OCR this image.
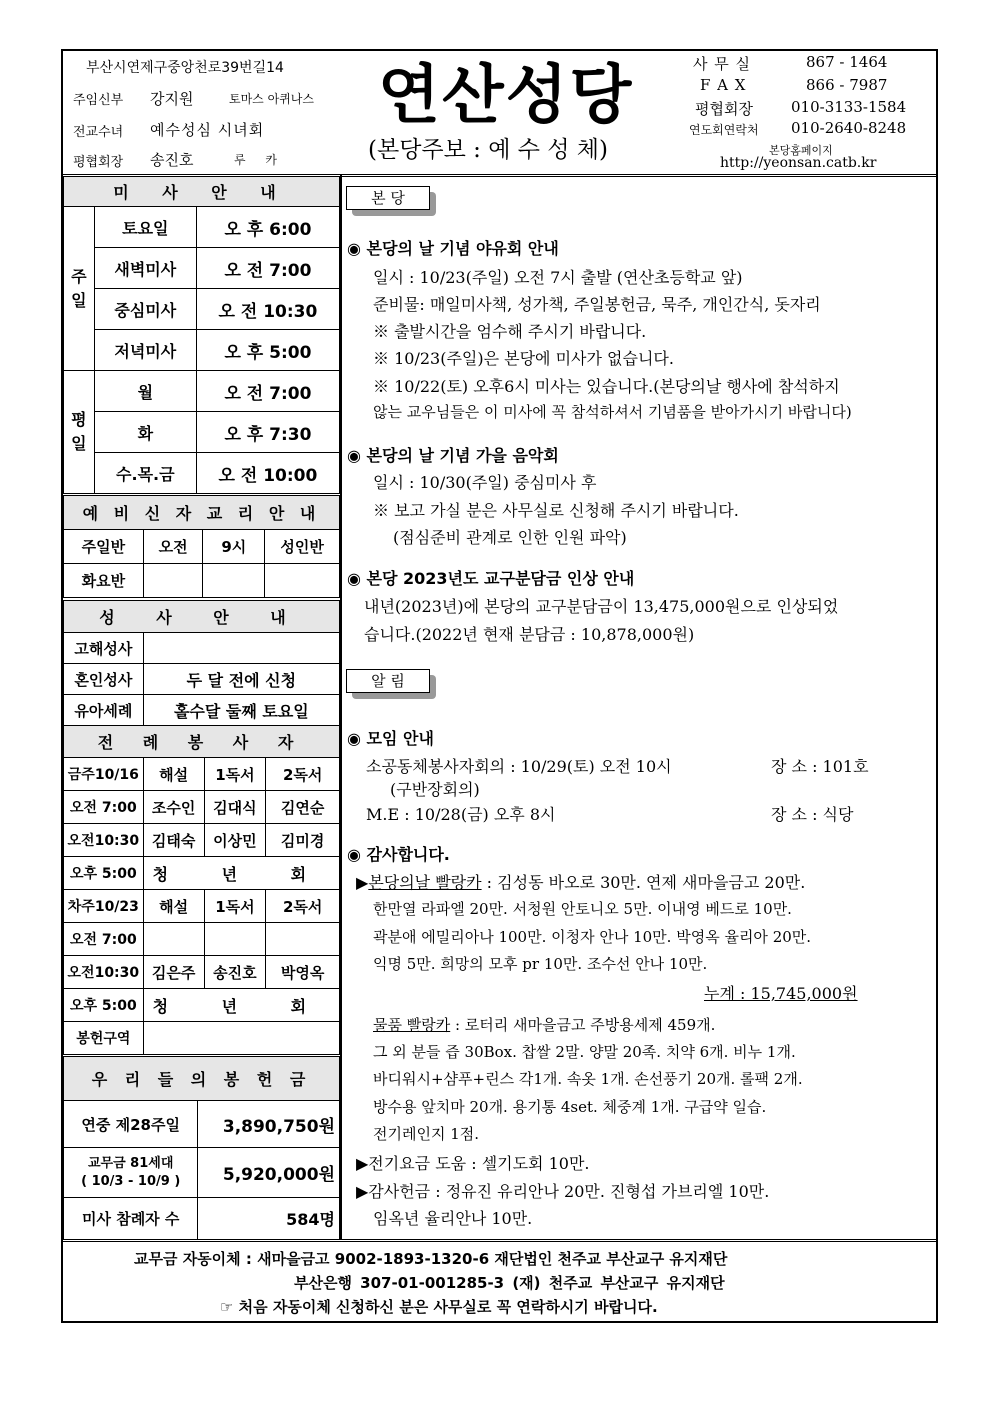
부산시연제구중앙천로39번길14
주임신부 강지원	토마스 아퀴나스
전교수녀 예수성심 시녀회
평협회장 송진호	루 카
연산성당
(본당주보 : 예 수 성 체)
사 무 실	867 - 1464
F A X	866 - 7987
평협회장	010-3133-1584
연도회연락처 010-2640-8248
본당홈페이지
http://yeonsan.catb.kr
미 사 안 내		
주일	토요일	오 후 6:00
	새벽미사	오 전 7:00
	중심미사	오 전 10:30
	저녁미사	오 후 5:00
평일	월	오 전 7:00
	화	오 후 7:30
	수.목.금	오 전 10:00
예 비 신 자 교 리 안 내			
주일반	오전	9시	성인반
화요반			
성 사 안 내	
고해성사	
혼인성사	두 달 전에 신청
유아세례	홀수달 둘째 토요일
전 례 봉 사 자			
금주10/16	해설	1독서	2독서
오전 7:00	조수인	김대식	김연순
오전10:30	김태숙	이상민	김미경
오후 5:00	청 년 회		
차주10/23	해설	1독서	2독서
오전 7:00			
오전10:30	김은주	송진호	박영옥
오후 5:00	청 년 회		
봉헌구역			
우 리 들 의 봉 헌 금	
연중 제28주일	3,890,750원

교무금 81세대
( 10/3 - 10/9 )	5,920,000원
미사 참례자 수	584명
본 당
◉ 본당의 날 기념 야유회 안내
일시 : 10/23(주일) 오전 7시 출발 (연산초등학교 앞)
준비물: 매일미사책, 성가책, 주일봉헌금, 묵주, 개인간식, 돗자리
※ 출발시간을 엄수해 주시기 바랍니다.
※ 10/23(주일)은 본당에 미사가 없습니다.
※ 10/22(토) 오후6시 미사는 있습니다.(본당의날 행사에 참석하지
않는 교우님들은 이 미사에 꼭 참석하셔서 기념품을 받아가시기 바랍니다)
◉ 본당의 날 기념 가을 음악회
일시 : 10/30(주일) 중심미사 후
※ 보고 가실 분은 사무실로 신청해 주시기 바랍니다.
(점심준비 관계로 인한 인원 파악)
◉ 본당 2023년도 교구분담금 인상 안내
내년(2023년)에 본당의 교구분담금이 13,475,000원으로 인상되었
습니다.(2022년 현재 분담금 : 10,878,000원)
알 림
◉ 모임 안내
소공동체봉사자회의 : 10/29(토) 오전 10시	장 소 : 101호
(구반장회의)
M.E : 10/28(금) 오후 8시	장 소 : 식당
◉ 감사합니다.
▶본당의날 빨랑카 : 김성동 바오로 30만. 연제 새마을금고 20만.
한만열 라파엘 20만. 서청원 안토니오 5만. 이내영 베드로 10만.
곽분애 에밀리아나 100만. 이청자 안나 10만. 박영옥 율리아 20만.
익명 5만. 희망의 모후 pr 10만. 조수선 안나 10만.
누계 : 15,745,000원
물품 빨랑카 : 로터리 새마을금고 주방용세제 459개.
그 외 분들 즙 30Box. 찹쌀 2말. 양말 20족. 치약 6개. 비누 1개.
바디워시+샴푸+린스 각1개. 속옷 1개. 손선풍기 20개. 롤팩 2개.
방수용 앞치마 20개. 용기통 4set. 체중계 1개. 구급약 일습.
전기레인지 1점.
▶전기요금 도움 : 셀기도회 10만.
▶감사헌금 : 정유진 유리안나 20만. 진형섭 가브리엘 10만.
임옥년 율리안나 10만.
교무금 자동이체 : 새마을금고 9002-1893-1320-6 재단법인 천주교 부산교구 유지재단
부산은행 307-01-001285-3 (재) 천주교 부산교구 유지재단
☞ 처음 자동이체 신청하신 분은 사무실로 꼭 연락하시기 바랍니다.
